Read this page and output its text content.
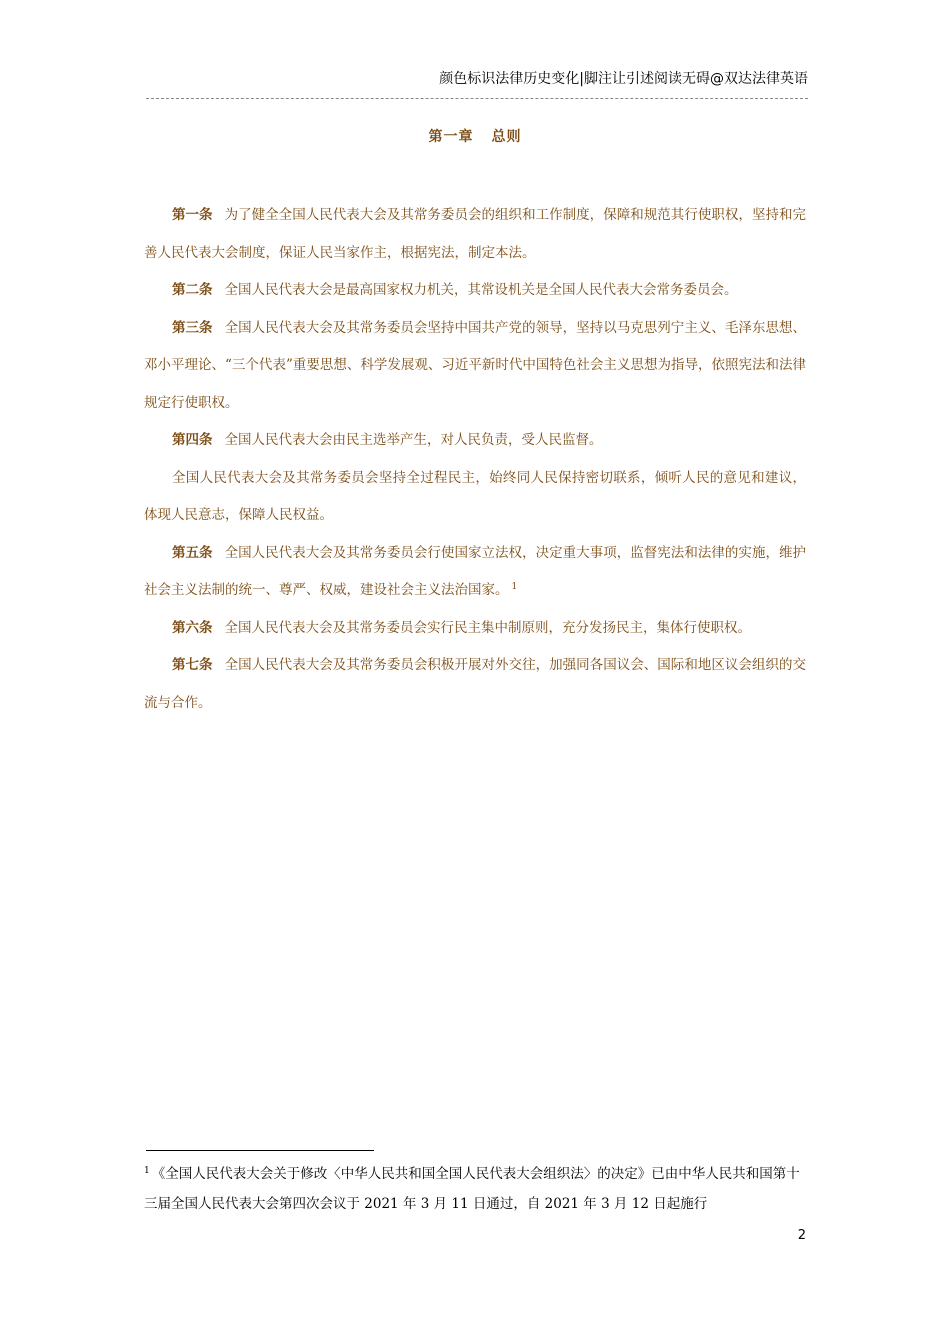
颜色标识法律历史变化|脚注让引述阅读无碍@双达法律英语
第一章 总则

第一条 为了健全全国人民代表大会及其常务委员会的组织和工作制度，保障和规范其行使职权，坚持和完善人民代表大会制度，保证人民当家作主，根据宪法，制定本法。

第二条 全国人民代表大会是最高国家权力机关，其常设机关是全国人民代表大会常务委员会。

第三条 全国人民代表大会及其常务委员会坚持中国共产党的领导，坚持以马克思列宁主义、毛泽东思想、邓小平理论、“三个代表”重要思想、科学发展观、习近平新时代中国特色社会主义思想为指导，依照宪法和法律规定行使职权。

第四条 全国人民代表大会由民主选举产生，对人民负责，受人民监督。

全国人民代表大会及其常务委员会坚持全过程民主，始终同人民保持密切联系，倾听人民的意见和建议，体现人民意志，保障人民权益。

第五条 全国人民代表大会及其常务委员会行使国家立法权，决定重大事项，监督宪法和法律的实施，维护社会主义法制的统一、尊严、权威，建设社会主义法治国家。 $^1$

第六条 全国人民代表大会及其常务委员会实行民主集中制原则，充分发扬民主，集体行使职权。

第七条 全国人民代表大会及其常务委员会积极开展对外交往，加强同各国议会、国际和地区议会组织的交流与合作。

$^1$ 《全国人民代表大会关于修改〈中华人民共和国全国人民代表大会组织法〉的决定》已由中华人民共和国第十三届全国人民代表大会第四次会议于 2021 年 3 月 11 日通过，自 2021 年 3 月 12 日起施行
2
